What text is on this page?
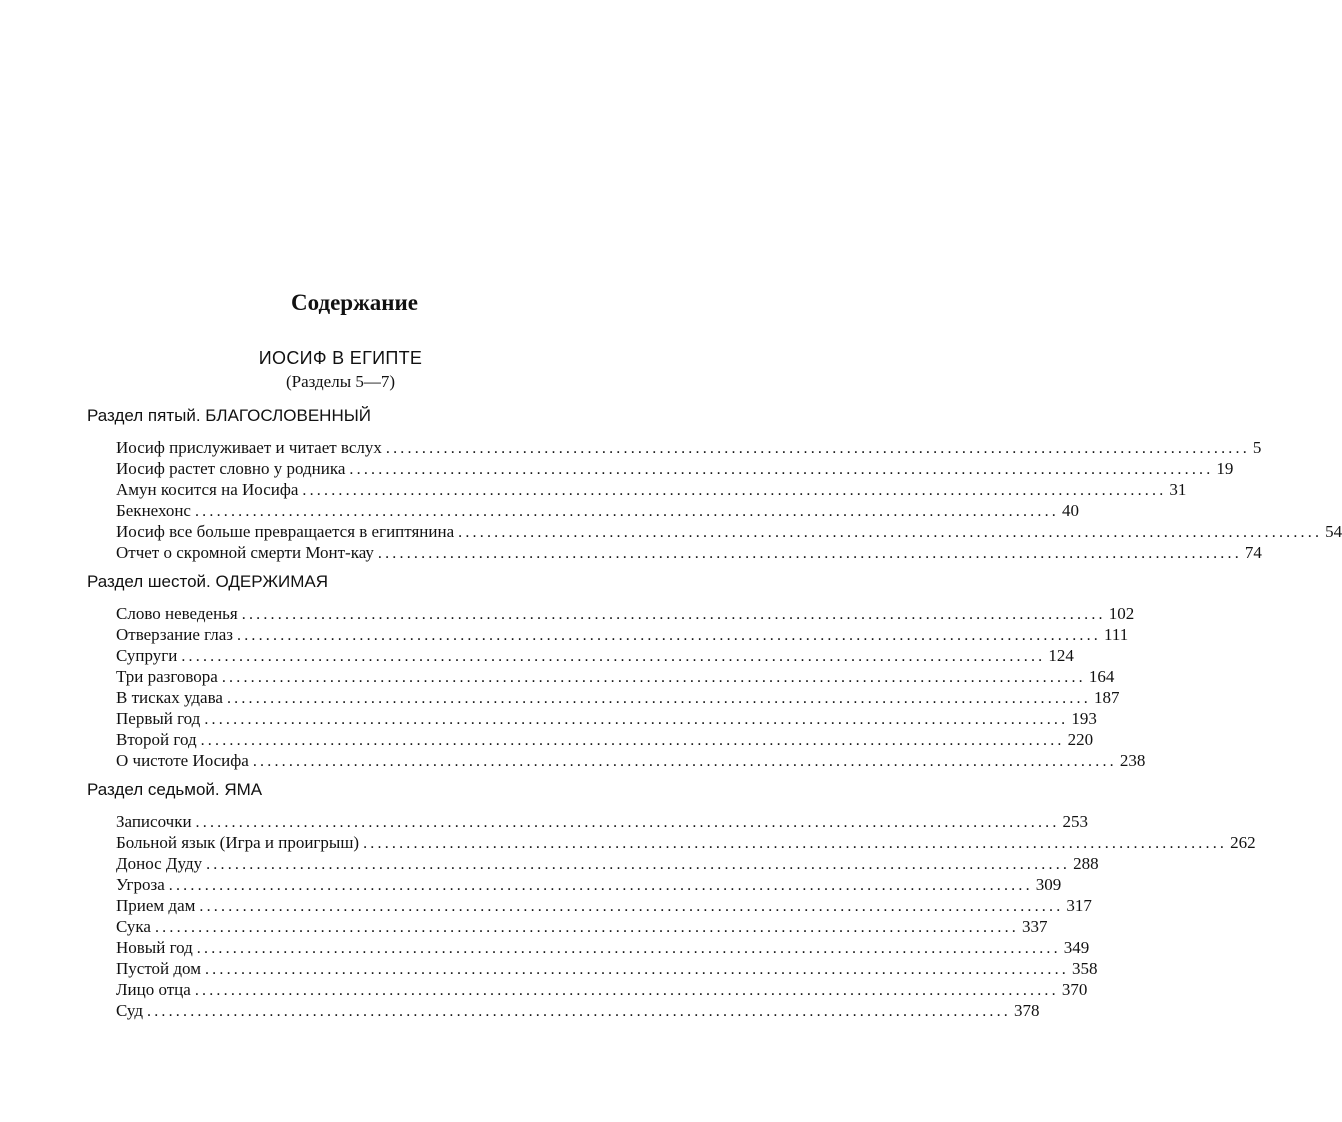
Содержание
ИОСИФ В ЕГИПТЕ
(Разделы 5—7)
Раздел пятый. БЛАГОСЛОВЕННЫЙ
Иосиф прислуживает и читает вслух ........................................................................................................................ 5
Иосиф растет словно у родника ........................................................................................................................ 19
Амун косится на Иосифа ........................................................................................................................ 31
Бекнехонс ........................................................................................................................ 40
Иосиф все больше превращается в египтянина ........................................................................................................................ 54
Отчет о скромной смерти Монт-кау ........................................................................................................................ 74
Раздел шестой. ОДЕРЖИМАЯ
Слово неведенья ........................................................................................................................ 102
Отверзание глаз ........................................................................................................................ 111
Супруги ........................................................................................................................ 124
Три разговора ........................................................................................................................ 164
В тисках удава ........................................................................................................................ 187
Первый год ........................................................................................................................ 193
Второй год ........................................................................................................................ 220
О чистоте Иосифа ........................................................................................................................ 238
Раздел седьмой. ЯМА
Записочки ........................................................................................................................ 253
Больной язык (Игра и проигрыш) ........................................................................................................................ 262
Донос Дуду ........................................................................................................................ 288
Угроза ........................................................................................................................ 309
Прием дам ........................................................................................................................ 317
Сука ........................................................................................................................ 337
Новый год ........................................................................................................................ 349
Пустой дом ........................................................................................................................ 358
Лицо отца ........................................................................................................................ 370
Суд ........................................................................................................................ 378
